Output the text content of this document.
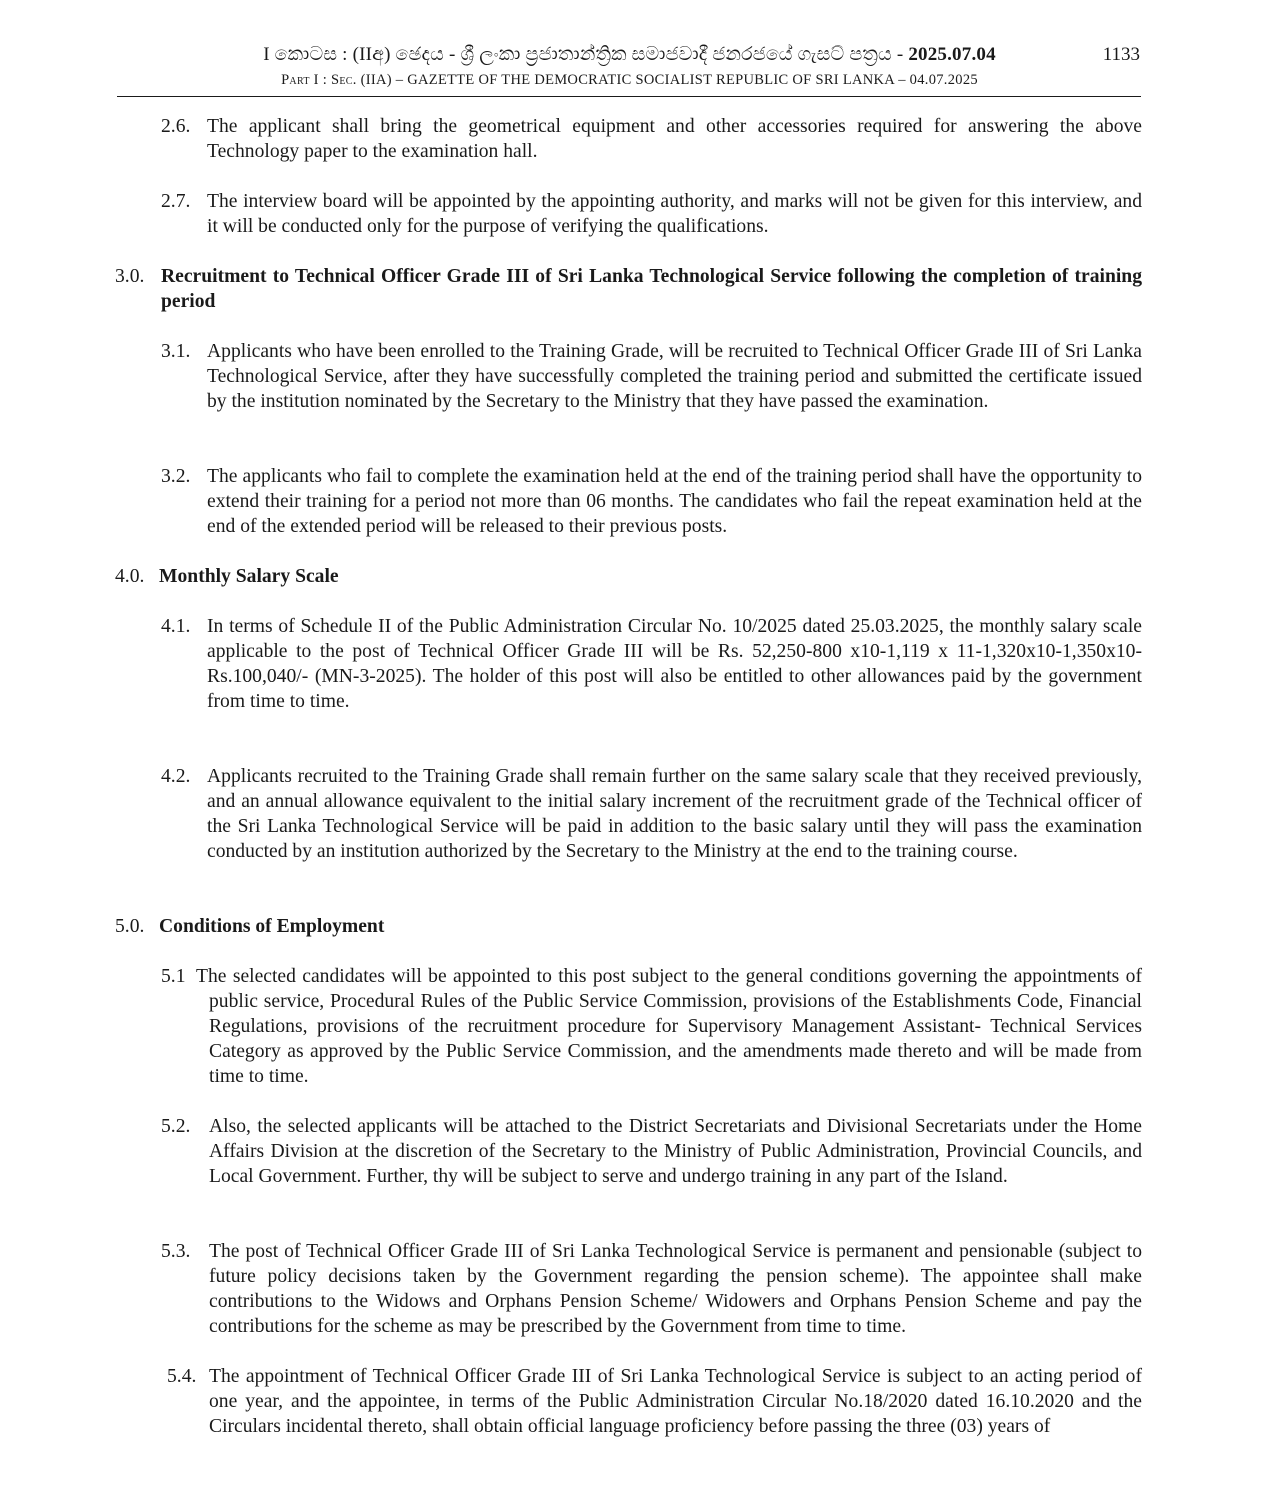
I කොටස : (IIඅ) ඡෙදය - ශ්‍රී ලංකා ප්‍රජාතාන්ත්‍රික සමාජවාදී ජනරජයේ ගැසට් පත්‍රය - 2025.07.04	1133
Part I : Sec. (IIA) – GAZETTE OF THE DEMOCRATIC SOCIALIST REPUBLIC OF SRI LANKA – 04.07.2025
2.6. The applicant shall bring the geometrical equipment and other accessories required for answering the above Technology paper to the examination hall.

2.7. The interview board will be appointed by the appointing authority, and marks will not be given for this interview, and it will be conducted only for the purpose of verifying the qualifications.

3.0. Recruitment to Technical Officer Grade III of Sri Lanka Technological Service following the completion of training period

3.1. Applicants who have been enrolled to the Training Grade, will be recruited to Technical Officer Grade III of Sri Lanka Technological Service, after they have successfully completed the training period and submitted the certificate issued by the institution nominated by the Secretary to the Ministry that they have passed the examination.

3.2. The applicants who fail to complete the examination held at the end of the training period shall have the opportunity to extend their training for a period not more than 06 months. The candidates who fail the repeat examination held at the end of the extended period will be released to their previous posts.

4.0. Monthly Salary Scale

4.1. In terms of Schedule II of the Public Administration Circular No. 10/2025 dated 25.03.2025, the monthly salary scale applicable to the post of Technical Officer Grade III will be Rs. 52,250-800 x10-1,119 x 11-1,320x10-1,350x10-Rs.100,040/- (MN-3-2025). The holder of this post will also be entitled to other allowances paid by the government from time to time.

4.2. Applicants recruited to the Training Grade shall remain further on the same salary scale that they received previously, and an annual allowance equivalent to the initial salary increment of the recruitment grade of the Technical officer of the Sri Lanka Technological Service will be paid in addition to the basic salary until they will pass the examination conducted by an institution authorized by the Secretary to the Ministry at the end to the training course.

5.0. Conditions of Employment

5.1 The selected candidates will be appointed to this post subject to the general conditions governing the appointments of public service, Procedural Rules of the Public Service Commission, provisions of the Establishments Code, Financial Regulations, provisions of the recruitment procedure for Supervisory Management Assistant- Technical Services Category as approved by the Public Service Commission, and the amendments made thereto and will be made from time to time.

5.2. Also, the selected applicants will be attached to the District Secretariats and Divisional Secretariats under the Home Affairs Division at the discretion of the Secretary to the Ministry of Public Administration, Provincial Councils, and Local Government. Further, thy will be subject to serve and undergo training in any part of the Island.

5.3. The post of Technical Officer Grade III of Sri Lanka Technological Service is permanent and pensionable (subject to future policy decisions taken by the Government regarding the pension scheme). The appointee shall make contributions to the Widows and Orphans Pension Scheme/ Widowers and Orphans Pension Scheme and pay the contributions for the scheme as may be prescribed by the Government from time to time.

5.4. The appointment of Technical Officer Grade III of Sri Lanka Technological Service is subject to an acting period of one year, and the appointee, in terms of the Public Administration Circular No.18/2020 dated 16.10.2020 and the Circulars incidental thereto, shall obtain official language proficiency before passing the three (03) years of
